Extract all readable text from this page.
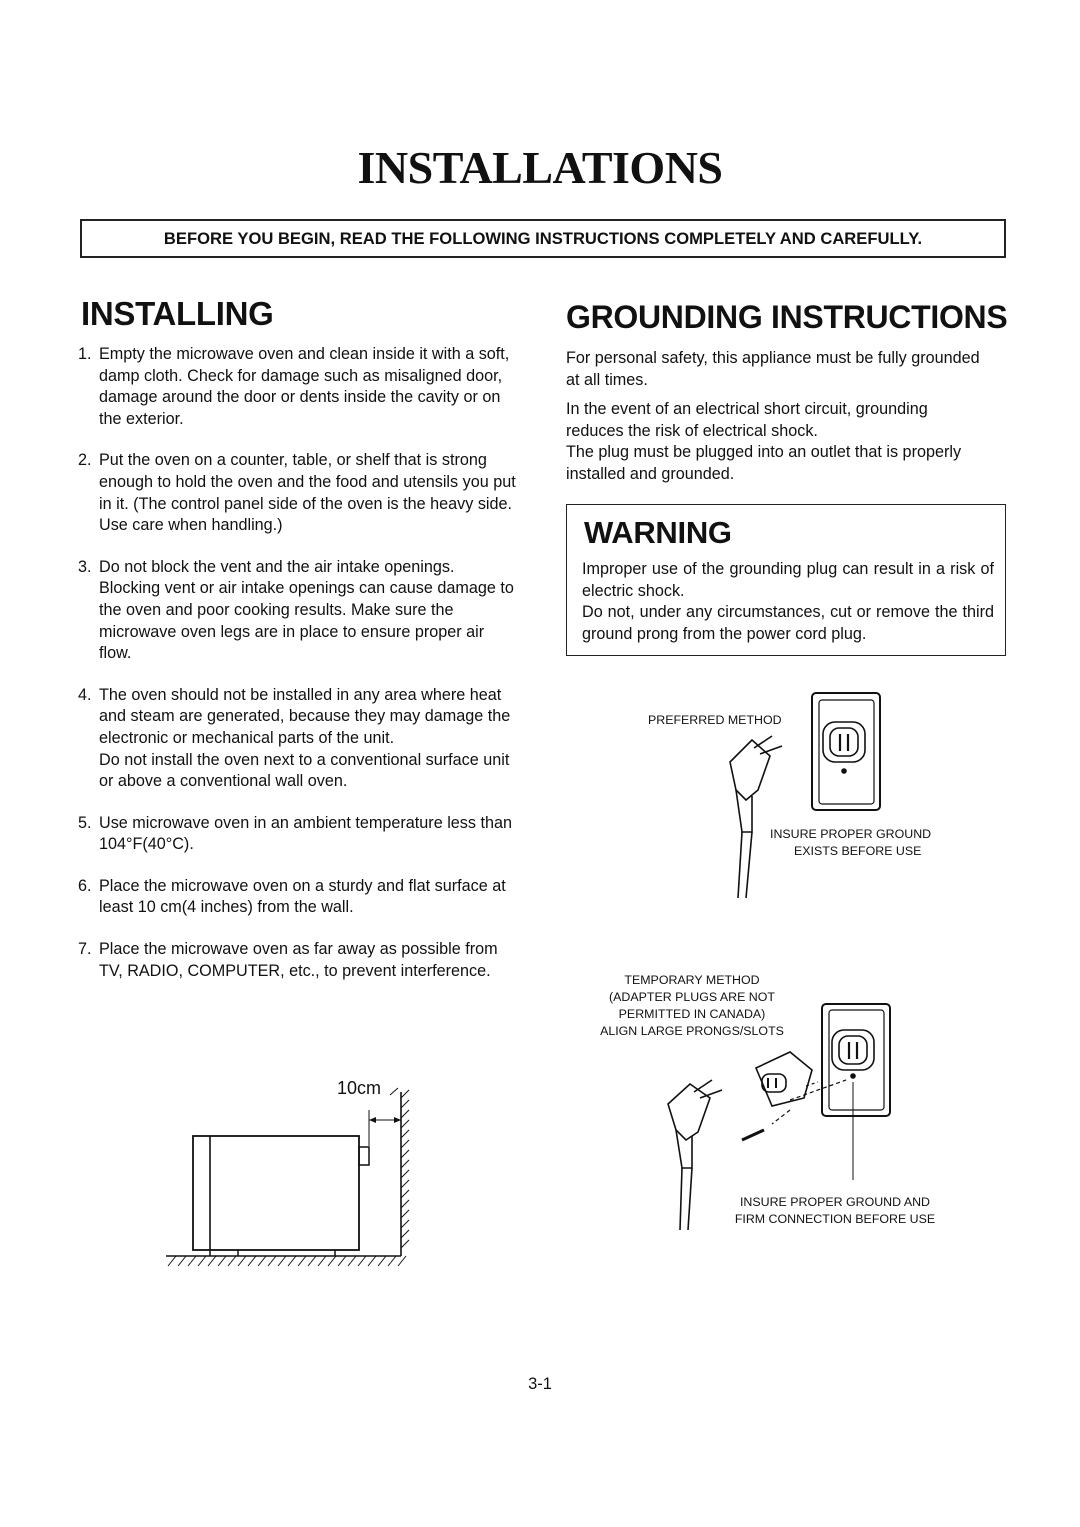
INSTALLATIONS
BEFORE YOU BEGIN, READ THE FOLLOWING INSTRUCTIONS COMPLETELY AND CAREFULLY.
INSTALLING
1. Empty the microwave oven and clean inside it with a soft, damp cloth. Check for damage such as misaligned door, damage around the door or dents inside the cavity or on the exterior.

2. Put the oven on a counter, table, or shelf that is strong enough to hold the oven and the food and utensils you put in it. (The control panel side of the oven is the heavy side. Use care when handling.)

3. Do not block the vent and the air intake openings. Blocking vent or air intake openings can cause damage to the oven and poor cooking results. Make sure the microwave oven legs are in place to ensure proper air flow.

4. The oven should not be installed in any area where heat and steam are generated, because they may damage the electronic or mechanical parts of the unit.

Do not install the oven next to a conventional surface unit or above a conventional wall oven.

5. Use microwave oven in an ambient temperature less than 104°F(40°C).

6. Place the microwave oven on a sturdy and flat surface at least 10 cm(4 inches) from the wall.

7. Place the microwave oven as far away as possible from TV, RADIO, COMPUTER, etc., to prevent interference.

GROUNDING INSTRUCTIONS

For personal safety, this appliance must be fully grounded at all times.

In the event of an electrical short circuit, grounding reduces the risk of electrical shock.

The plug must be plugged into an outlet that is properly installed and grounded.

WARNING

Improper use of the grounding plug can result in a risk of electric shock.

Do not, under any circumstances, cut or remove the third ground prong from the power cord plug.

PREFERRED METHOD
INSURE PROPER GROUND
EXISTS BEFORE USE
TEMPORARY METHOD
(ADAPTER PLUGS ARE NOT
PERMITTED IN CANADA)
ALIGN LARGE PRONGS/SLOTS
INSURE PROPER GROUND AND
FIRM CONNECTION BEFORE USE
10cm
3-1
